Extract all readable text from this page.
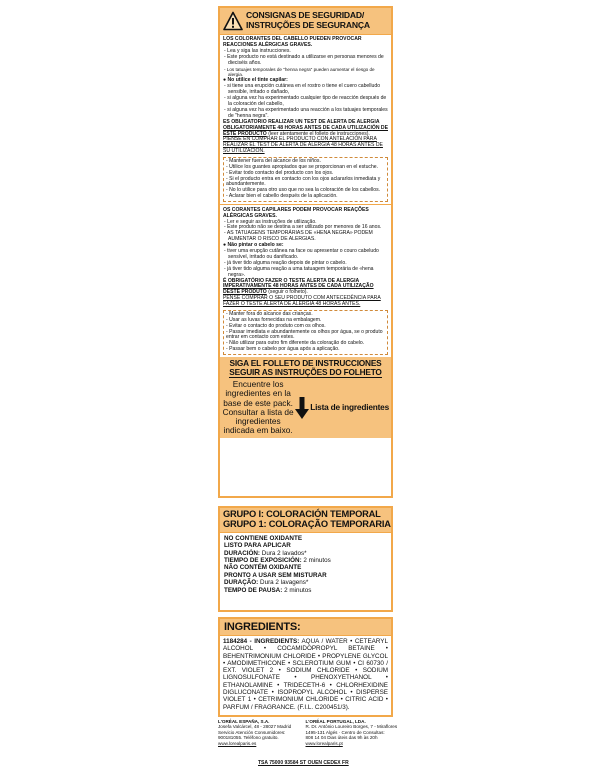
CONSIGNAS DE SEGURIDAD/
INSTRUÇÕES DE SEGURANÇA

LOS COLORANTES DEL CABELLO PUEDEN PROVOCAR REACCIONES ALÉRGICAS GRAVES.

- Lea y siga las instrucciones.

- Este producto no está destinado a utilizarse en personas menores de dieciséis años.

- Los tatuajes temporales de "henna negra" pueden aumentar el riesgo de alergia.

● No utilice el tinte capilar:

- si tiene una erupción cutánea en el rostro o tiene el cuero cabelludo sensible, irritado o dañado,

- si alguna vez ha experimentado cualquier tipo de reacción después de la coloración del cabello,

- si alguna vez ha experimentado una reacción a los tatuajes temporales de "henna negra".

ES OBLIGATORIO REALIZAR UN TEST DE ALERTA DE ALERGIA OBLIGATORIAMENTE 48 HORAS ANTES DE CADA UTILIZACIÓN DE ESTE PRODUCTO (leer atentamente el folleto de instrucciones).

PIENSE EN COMPRAR EL PRODUCTO CON ANTELACIÓN PARA REALIZAR EL TEST DE ALERTA DE ALERGIA 48 HORAS ANTES DE SU UTILIZACIÓN.

- Mantener fuera del alcance de los niños.

- Utilice los guantes apropiados que se proporcionan en el estuche.

- Evitar todo contacto del producto con los ojos.

- Si el producto entra en contacto con los ojos aclararlos inmediata y abundantemente.

- No lo utilice para otro uso que no sea la coloración de los cabellos.

- Aclarar bien el cabello después de la aplicación.

OS CORANTES CAPILARES PODEM PROVOCAR REAÇÕES ALÉRGICAS GRAVES.

- Ler e seguir as instruções de utilização.

- Este produto não se destina a ser utilizado por menores de 16 anos.

- AS TATUAGENS TEMPORÁRIAS DE «HENA NEGRA» PODEM AUMENTAR O RISCO DE ALERGIAS.

● Não pintar o cabelo se:

- tiver uma erupção cutânea na face ou apresentar o couro cabeludo sensível, irritado ou danificado.

- já tiver tido alguma reação depois de pintar o cabelo.

- já tiver tido alguma reação a uma tatuagem temporária de «hena negra».

É OBRIGATÓRIO FAZER O TESTE ALERTA DE ALERGIA IMPERATIVAMENTE 48 HORAS ANTES DE CADA UTILIZAÇÃO DESTE PRODUTO (seguir o folheto).

PENSE COMPRAR O SEU PRODUTO COM ANTECEDÊNCIA PARA FAZER O TESTE ALERTA DE ALERGIA 48 HORAS ANTES.

- Manter fora do alcance das crianças.

- Usar as luvas fornecidas na embalagem.

- Evitar o contacto do produto com os olhos.

- Passar imediata e abundantemente os olhos por água, se o produto entrar em contacto com estes.

- Não utilizar para outro fim diferente da coloração do cabelo.

- Passar bem o cabelo por água após a aplicação.

SIGA EL FOLLETO DE INSTRUCCIONES
SEGUIR AS INSTRUÇÕES DO FOLHETO
Encuentre los ingredientes en la base de este pack. Consultar a lista de ingredientes indicada em baixo.
Lista de ingredientes
GRUPO I: COLORACIÓN TEMPORAL
GRUPO 1: COLORAÇÃO TEMPORARIA
NO CONTIENE OXIDANTE
LISTO PARA APLICAR
DURACIÓN: Dura 2 lavados*
TIEMPO DE EXPOSICIÓN: 2 minutos
NÃO CONTÉM OXIDANTE
PRONTO A USAR SEM MISTURAR
DURAÇÃO: Dura 2 lavagens*
TEMPO DE PAUSA: 2 minutos
INGREDIENTS:
1184284 - INGREDIENTS: AQUA / WATER • CETEARYL ALCOHOL • COCAMIDOPROPYL BETAINE • BEHENTRIMONIUM CHLORIDE • PROPYLENE GLYCOL • AMODIMETHICONE • SCLEROTIUM GUM • CI 60730 / EXT. VIOLET 2 • SODIUM CHLORIDE • SODIUM LIGNOSULFONATE • PHENOXYETHANOL • ETHANOLAMINE • TRIDECETH-6 • CHLORHEXIDINE DIGLUCONATE • ISOPROPYL ALCOHOL • DISPERSE VIOLET 1 • CETRIMONIUM CHLORIDE • CITRIC ACID • PARFUM / FRAGRANCE. (F.I.L. C200451/3).
L'ORÉAL ESPAÑA, S.A.
Josefa Valcárcel, 48 - 28027 Madrid
Servicio Atención Consumidores:
900181055. Teléfono gratuito.
www.lorealparis.es
L'ORÉAL PORTUGAL, LDA.
R. Dr. António Loureiro Borges, 7 - Miraflores
1495-131 Algés · Centro de Consultas:
808 14 04 Dias úteis das 9h às 20h
www.lorealparis.pt
TSA 75000 93584 ST OUEN CEDEX FR
